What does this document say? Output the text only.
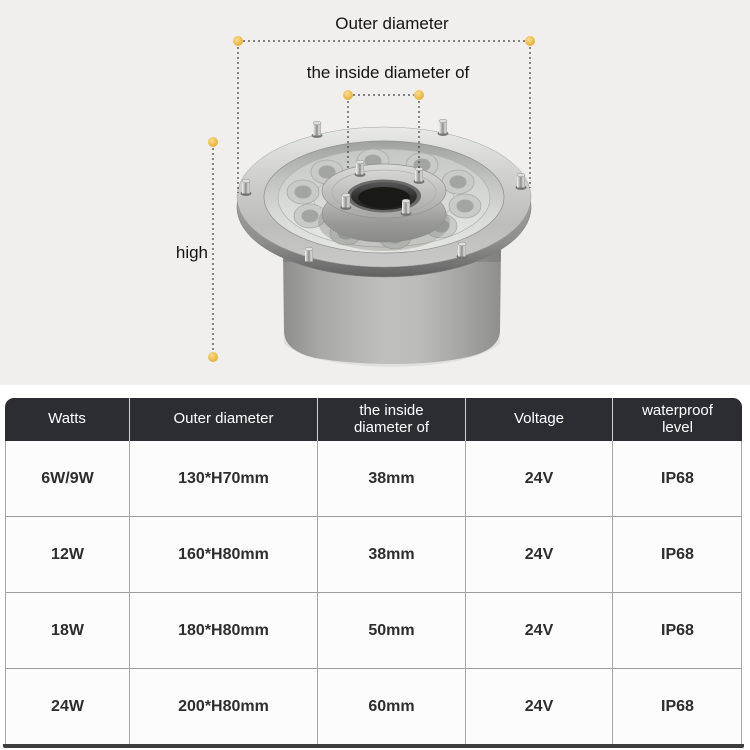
Outer diameter
the inside diameter of
high
Watts	Outer diameter	the inside diameter of	Voltage	waterproof level
6W/9W	130*H70mm	38mm	24V	IP68
12W	160*H80mm	38mm	24V	IP68
18W	180*H80mm	50mm	24V	IP68
24W	200*H80mm	60mm	24V	IP68
